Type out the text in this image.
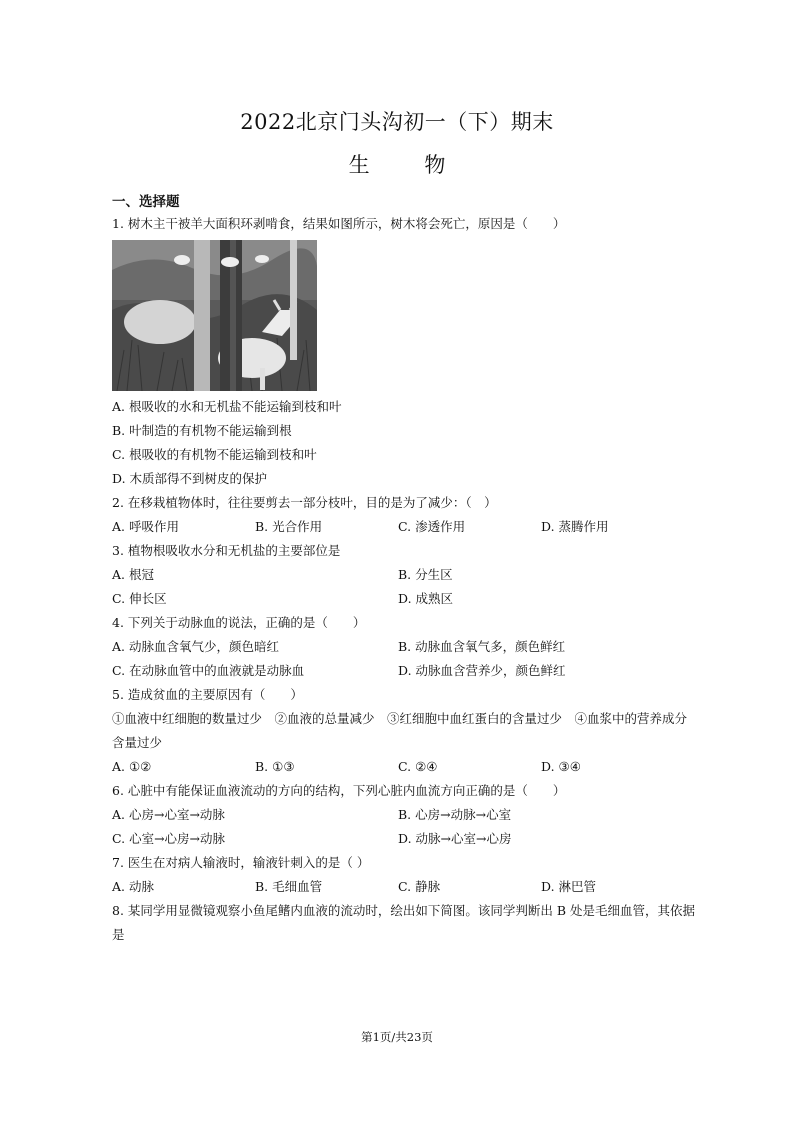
2022北京门头沟初一（下）期末
生 物
一、选择题
1. 树木主干被羊大面积环剥啃食，结果如图所示，树木将会死亡，原因是（　　）
A. 根吸收的水和无机盐不能运输到枝和叶
B. 叶制造的有机物不能运输到根
C. 根吸收的有机物不能运输到枝和叶
D. 木质部得不到树皮的保护
2. 在移栽植物体时，往往要剪去一部分枝叶，目的是为了减少：（　）
A. 呼吸作用	B. 光合作用	C. 渗透作用	D. 蒸腾作用
3. 植物根吸收水分和无机盐的主要部位是
A. 根冠	B. 分生区
C. 伸长区	D. 成熟区
4. 下列关于动脉血的说法，正确的是（　　）
A. 动脉血含氧气少，颜色暗红	B. 动脉血含氧气多，颜色鲜红
C. 在动脉血管中的血液就是动脉血	D. 动脉血含营养少，颜色鲜红
5. 造成贫血的主要原因有（　　）
①血液中红细胞的数量过少　②血液的总量减少　③红细胞中血红蛋白的含量过少　④血浆中的营养成分
含量过少
A. ①②	B. ①③	C. ②④	D. ③④
6. 心脏中有能保证血液流动的方向的结构，下列心脏内血流方向正确的是（　　）
A. 心房→心室→动脉	B. 心房→动脉→心室
C. 心室→心房→动脉	D. 动脉→心室→心房
7. 医生在对病人输液时，输液针刺入的是（ ）
A. 动脉	B. 毛细血管	C. 静脉	D. 淋巴管
8. 某同学用显微镜观察小鱼尾鳍内血液的流动时，绘出如下简图。该同学判断出 B 处是毛细血管，其依据
是
第1页/共23页
